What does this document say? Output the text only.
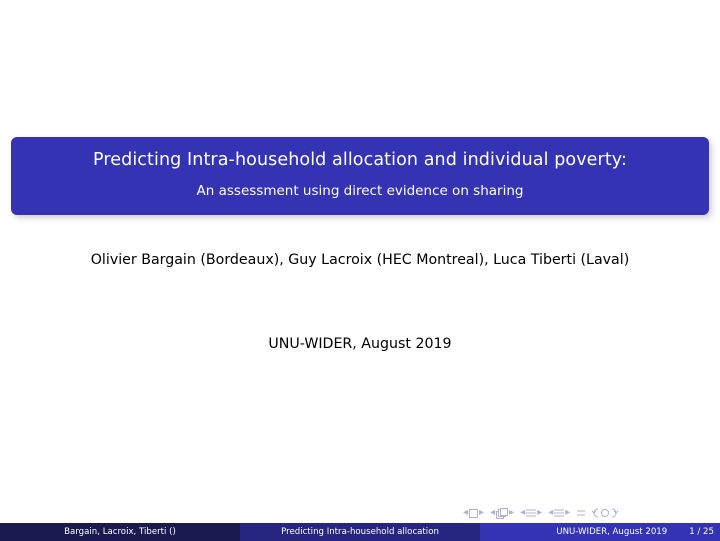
Predicting Intra-household allocation and individual poverty:
An assessment using direct evidence on sharing
Olivier Bargain (Bordeaux), Guy Lacroix (HEC Montreal), Luca Tiberti (Laval)
UNU-WIDER, August 2019
◂ ▸ ◂ ▸ ◂ ▸ ◂ ▸
Bargain, Lacroix, Tiberti ()	Predicting Intra-household allocation	UNU-WIDER, August 2019	1 / 25
